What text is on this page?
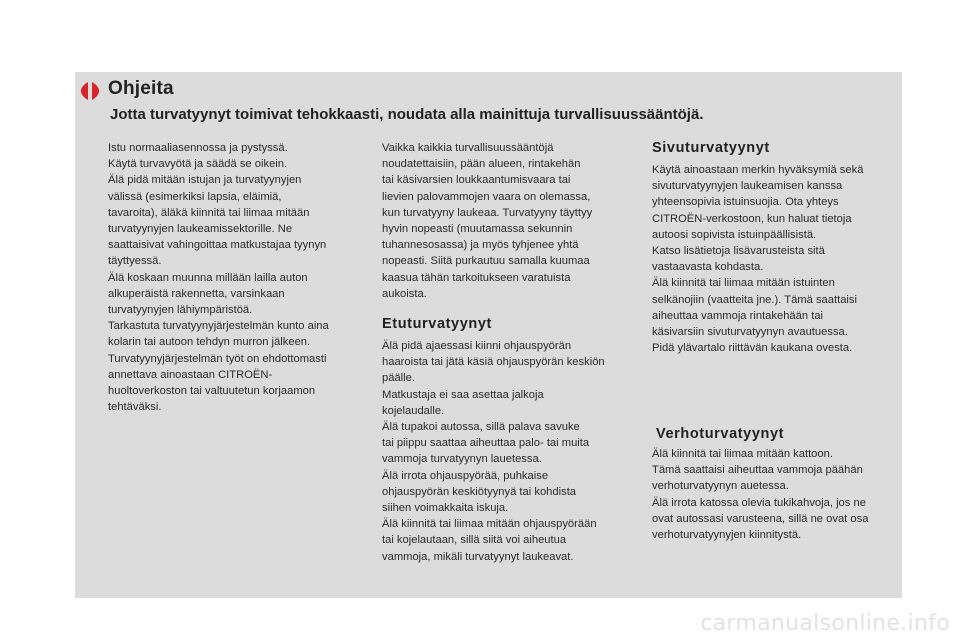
Ohjeita
Jotta turvatyynyt toimivat tehokkaasti, noudata alla mainittuja turvallisuussääntöjä.

Istu normaaliasennossa ja pystyssä.

Käytä turvavyötä ja säädä se oikein.

Älä pidä mitään istujan ja turvatyynyjen

välissä (esimerkiksi lapsia, eläimiä,

tavaroita), äläkä kiinnitä tai liimaa mitään

turvatyynyjen laukeamissektorille. Ne

saattaisivat vahingoittaa matkustajaa tyynyn

täyttyessä.

Älä koskaan muunna millään lailla auton

alkuperäistä rakennetta, varsinkaan

turvatyynyjen lähiympäristöä.

Tarkastuta turvatyynyjärjestelmän kunto aina

kolarin tai autoon tehdyn murron jälkeen.

Turvatyynyjärjestelmän työt on ehdottomasti

annettava ainoastaan CITROËN-

huoltoverkoston tai valtuutetun korjaamon

tehtäväksi.

Vaikka kaikkia turvallisuussääntöjä

noudatettaisiin, pään alueen, rintakehän

tai käsivarsien loukkaantumisvaara tai

lievien palovammojen vaara on olemassa,

kun turvatyyny laukeaa. Turvatyyny täyttyy

hyvin nopeasti (muutamassa sekunnin

tuhannesosassa) ja myös tyhjenee yhtä

nopeasti. Siitä purkautuu samalla kuumaa

kaasua tähän tarkoitukseen varatuista

aukoista.

Etuturvatyynyt

Älä pidä ajaessasi kiinni ohjauspyörän

haaroista tai jätä käsiä ohjauspyörän keskiön

päälle.

Matkustaja ei saa asettaa jalkoja

kojelaudalle.

Älä tupakoi autossa, sillä palava savuke

tai piippu saattaa aiheuttaa palo- tai muita

vammoja turvatyynyn lauetessa.

Älä irrota ohjauspyörää, puhkaise

ohjauspyörän keskiötyynyä tai kohdista

siihen voimakkaita iskuja.

Älä kiinnitä tai liimaa mitään ohjauspyörään

tai kojelautaan, sillä siitä voi aiheutua

vammoja, mikäli turvatyynyt laukeavat.

Sivuturvatyynyt

Käytä ainoastaan merkin hyväksymiä sekä

sivuturvatyynyjen laukeamisen kanssa

yhteensopivia istuinsuojia. Ota yhteys

CITROËN-verkostoon, kun haluat tietoja

autoosi sopivista istuinpäällisistä.

Katso lisätietoja lisävarusteista sitä

vastaavasta kohdasta.

Älä kiinnitä tai liimaa mitään istuinten

selkänojiin (vaatteita jne.). Tämä saattaisi

aiheuttaa vammoja rintakehään tai

käsivarsiin sivuturvatyynyn avautuessa.

Pidä ylävartalo riittävän kaukana ovesta.

Verhoturvatyynyt

Älä kiinnitä tai liimaa mitään kattoon.

Tämä saattaisi aiheuttaa vammoja päähän

verhoturvatyynyn auetessa.

Älä irrota katossa olevia tukikahvoja, jos ne

ovat autossasi varusteena, sillä ne ovat osa

verhoturvatyynyjen kiinnitystä.

carmanualsonline.info
